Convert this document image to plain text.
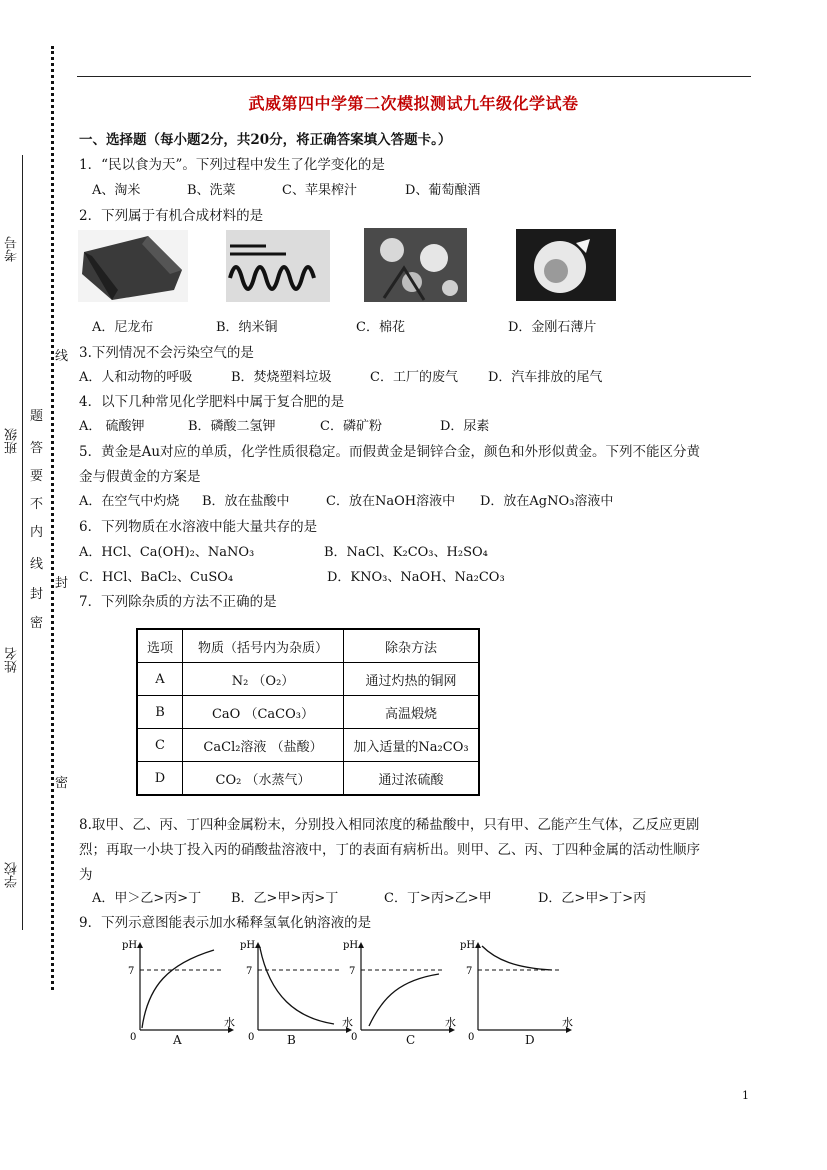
考号
班级
姓名
学校
线
题
答
要
不
内
线
封
密
封
密
武威第四中学第二次模拟测试九年级化学试卷
一、选择题（每小题2分，共20分，将正确答案填入答题卡。）
1．“民以食为天”。下列过程中发生了化学变化的是
A、淘米	B、洗菜	C、苹果榨汁	D、葡萄酿酒
2．下列属于有机合成材料的是
A．尼龙布	B．纳米铜	C．棉花	D．金刚石薄片
3.下列情况不会污染空气的是
A．人和动物的呼吸	B．焚烧塑料垃圾	C．工厂的废气 D．汽车排放的尾气
4．以下几种常见化学肥料中属于复合肥的是
A． 硫酸钾	B．磷酸二氢钾	C．磷矿粉	D．尿素
5．黄金是Au对应的单质，化学性质很稳定。而假黄金是铜锌合金，颜色和外形似黄金。下列不能区分黄
金与假黄金的方案是
A．在空气中灼烧 B．放在盐酸中	C．放在NaOH溶液中 D．放在AgNO₃溶液中
6．下列物质在水溶液中能大量共存的是
A．HCl、Ca(OH)₂、NaNO₃	B．NaCl、K₂CO₃、H₂SO₄
C．HCl、BaCl₂、CuSO₄	D．KNO₃、NaOH、Na₂CO₃
7．下列除杂质的方法不正确的是
选项	物质（括号内为杂质）	除杂方法
A	N₂ （O₂）	通过灼热的铜网
B	CaO （CaCO₃）	高温煅烧
C	CaCl₂溶液 （盐酸）	加入适量的Na₂CO₃
D	CO₂ （水蒸气）	通过浓硫酸
8.取甲、乙、丙、丁四种金属粉末，分别投入相同浓度的稀盐酸中，只有甲、乙能产生气体，乙反应更剧
烈；再取一小块丁投入丙的硝酸盐溶液中，丁的表面有病析出。则甲、乙、丙、丁四种金属的活动性顺序
为
A．甲＞乙>丙>丁 B．乙>甲>丙>丁	C．丁>丙>乙>甲	D．乙>甲>丁>丙
9．下列示意图能表示加水稀释氢氧化钠溶液的是
pH
7
0
水
A
pH
7
0
水
B
pH
7
0
水
C
pH
7
0
水
D
1
